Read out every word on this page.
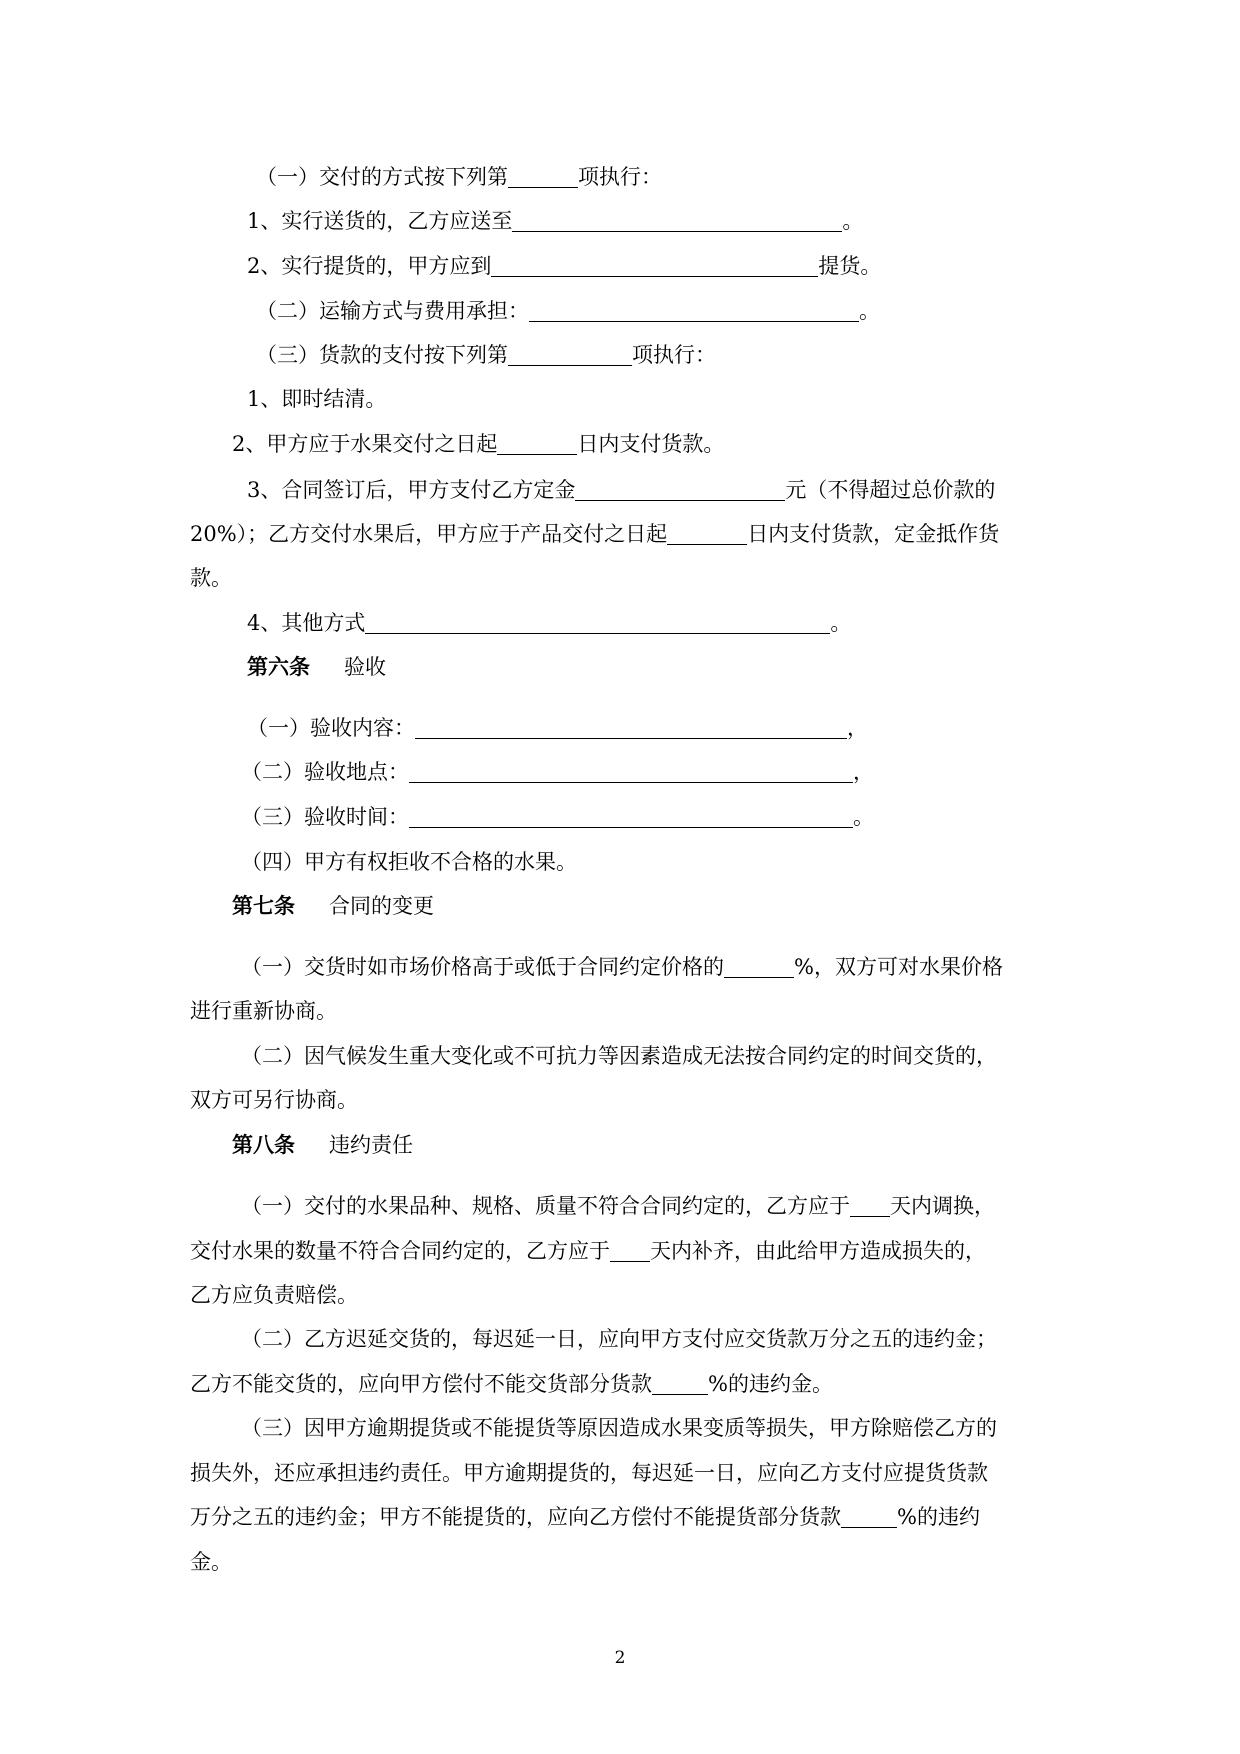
（一）交付的方式按下列第	项执行：
1、实行送货的，乙方应送至	。
2、实行提货的，甲方应到	提货。
（二）运输方式与费用承担：	。
（三）货款的支付按下列第	项执行：
1、即时结清。
2、甲方应于水果交付之日起	日内支付货款。
3、合同签订后，甲方支付乙方定金	元（不得超过总价款的
20%）；乙方交付水果后，甲方应于产品交付之日起	日内支付货款，定金抵作货
款。
4、其他方式	。
第六条 验收
（一）验收内容：	，
（二）验收地点：	，
（三）验收时间：	。
（四）甲方有权拒收不合格的水果。
第七条 合同的变更
（一）交货时如市场价格高于或低于合同约定价格的	%，双方可对水果价格
进行重新协商。
（二）因气候发生重大变化或不可抗力等因素造成无法按合同约定的时间交货的，
双方可另行协商。
第八条 违约责任
（一）交付的水果品种、规格、质量不符合合同约定的，乙方应于 天内调换，
交付水果的数量不符合合同约定的，乙方应于 天内补齐，由此给甲方造成损失的，
乙方应负责赔偿。
（二）乙方迟延交货的，每迟延一日，应向甲方支付应交货款万分之五的违约金；
乙方不能交货的，应向甲方偿付不能交货部分货款	%的违约金。
（三）因甲方逾期提货或不能提货等原因造成水果变质等损失，甲方除赔偿乙方的
损失外，还应承担违约责任。甲方逾期提货的，每迟延一日，应向乙方支付应提货货款
万分之五的违约金；甲方不能提货的，应向乙方偿付不能提货部分货款	%的违约
金。
2
